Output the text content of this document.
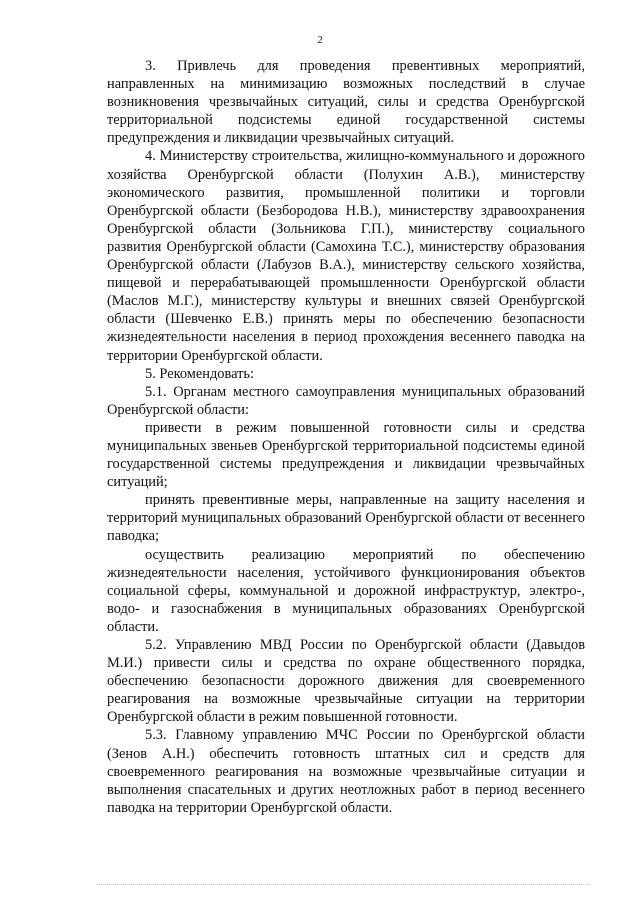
2

3. Привлечь для проведения превентивных мероприятий, направленных на минимизацию возможных последствий в случае возникновения чрезвычайных ситуаций, силы и средства Оренбургской территориальной подсистемы единой государственной системы предупреждения и ликвидации чрезвычайных ситуаций.

4. Министерству строительства, жилищно-коммунального и дорожного хозяйства Оренбургской области (Полухин А.В.), министерству экономического развития, промышленной политики и торговли Оренбургской области (Безбородова Н.В.), министерству здравоохранения Оренбургской области (Зольникова Г.П.), министерству социального развития Оренбургской области (Самохина Т.С.), министерству образования Оренбургской области (Лабузов В.А.), министерству сельского хозяйства, пищевой и перерабатывающей промышленности Оренбургской области (Маслов М.Г.), министерству культуры и внешних связей Оренбургской области (Шевченко Е.В.) принять меры по обеспечению безопасности жизнедеятельности населения в период прохождения весеннего паводка на территории Оренбургской области.

5. Рекомендовать:

5.1. Органам местного самоуправления муниципальных образований Оренбургской области:

привести в режим повышенной готовности силы и средства муниципальных звеньев Оренбургской территориальной подсистемы единой государственной системы предупреждения и ликвидации чрезвычайных ситуаций;

принять превентивные меры, направленные на защиту населения и территорий муниципальных образований Оренбургской области от весеннего паводка;

осуществить реализацию мероприятий по обеспечению жизнедеятельности населения, устойчивого функционирования объектов социальной сферы, коммунальной и дорожной инфраструктур, электро-, водо- и газоснабжения в муниципальных образованиях Оренбургской области.

5.2. Управлению МВД России по Оренбургской области (Давыдов М.И.) привести силы и средства по охране общественного порядка, обеспечению безопасности дорожного движения для своевременного реагирования на возможные чрезвычайные ситуации на территории Оренбургской области в режим повышенной готовности.

5.3. Главному управлению МЧС России по Оренбургской области (Зенов А.Н.) обеспечить готовность штатных сил и средств для своевременного реагирования на возможные чрезвычайные ситуации и выполнения спасательных и других неотложных работ в период весеннего паводка на территории Оренбургской области.
